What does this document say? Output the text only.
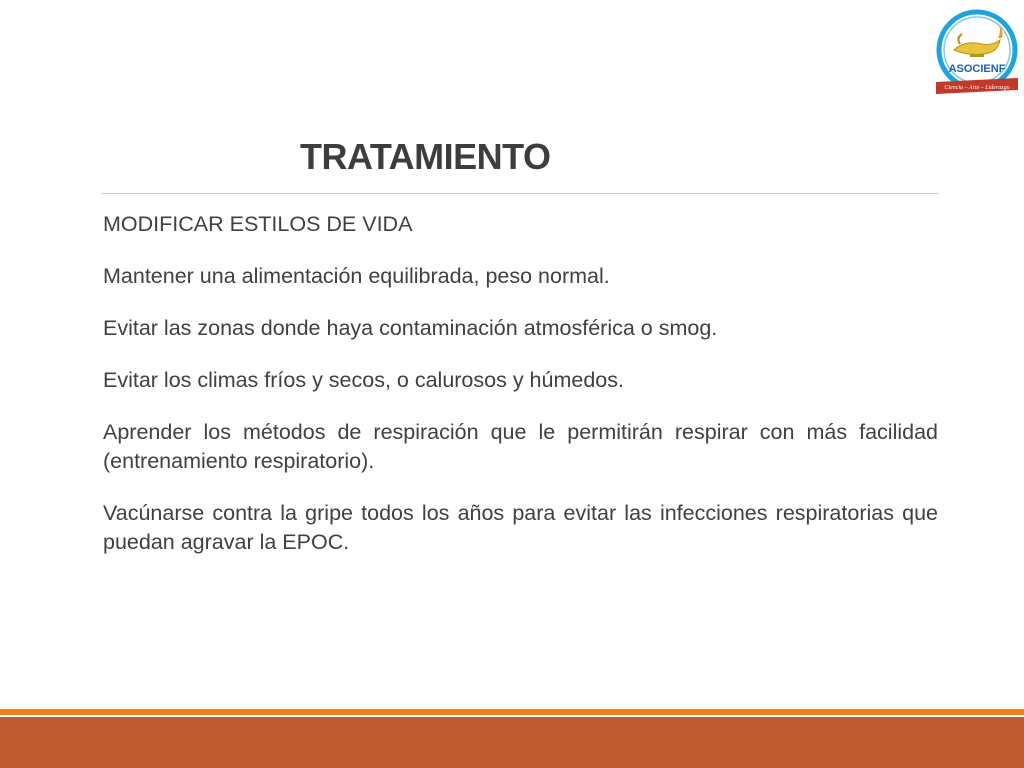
ASOCIENF
Ciencia – Arte – Liderazgo
TRATAMIENTO

MODIFICAR ESTILOS DE VIDA

Mantener una alimentación equilibrada, peso normal.

Evitar las zonas donde haya contaminación atmosférica o smog.

Evitar los climas fríos y secos, o calurosos y húmedos.

Aprender los métodos de respiración que le permitirán respirar con más facilidad (entrenamiento respiratorio).

Vacúnarse contra la gripe todos los años para evitar las infecciones respiratorias que puedan agravar la EPOC.
